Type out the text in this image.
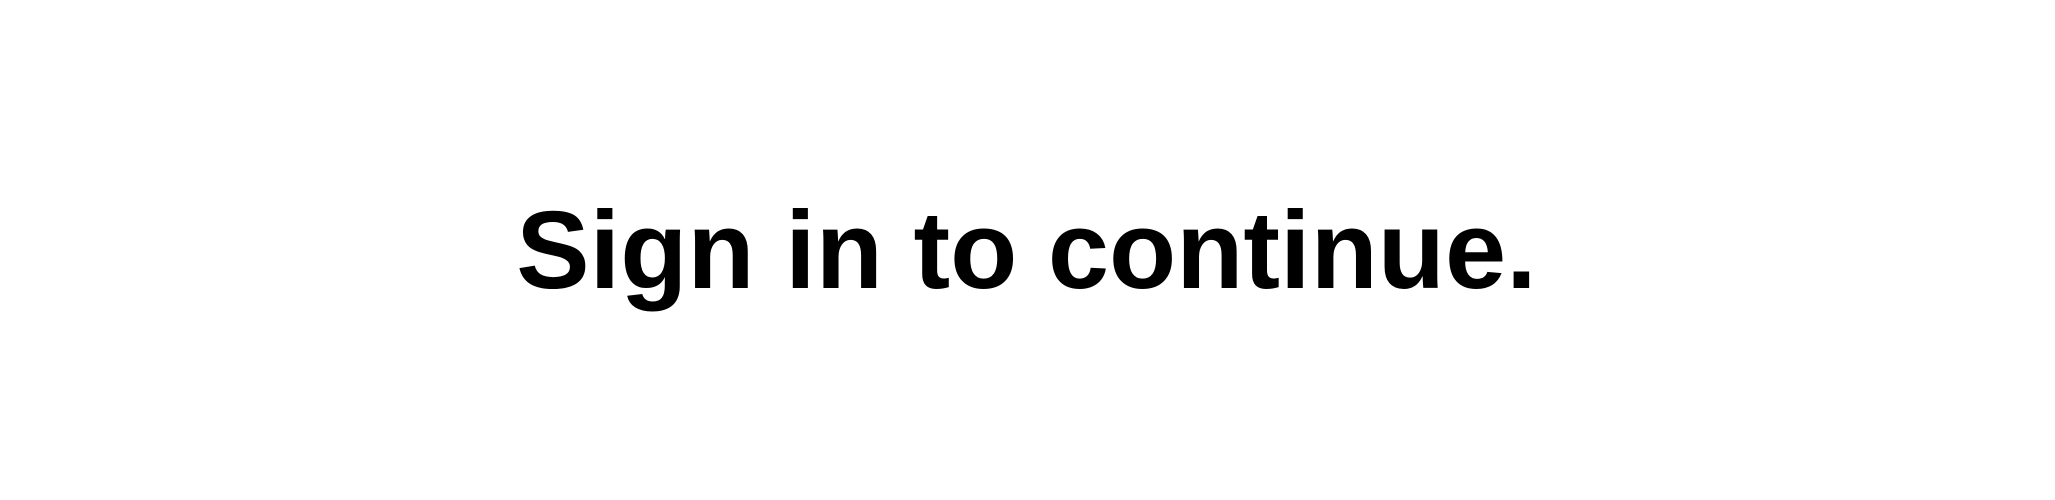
Sign in to continue.
